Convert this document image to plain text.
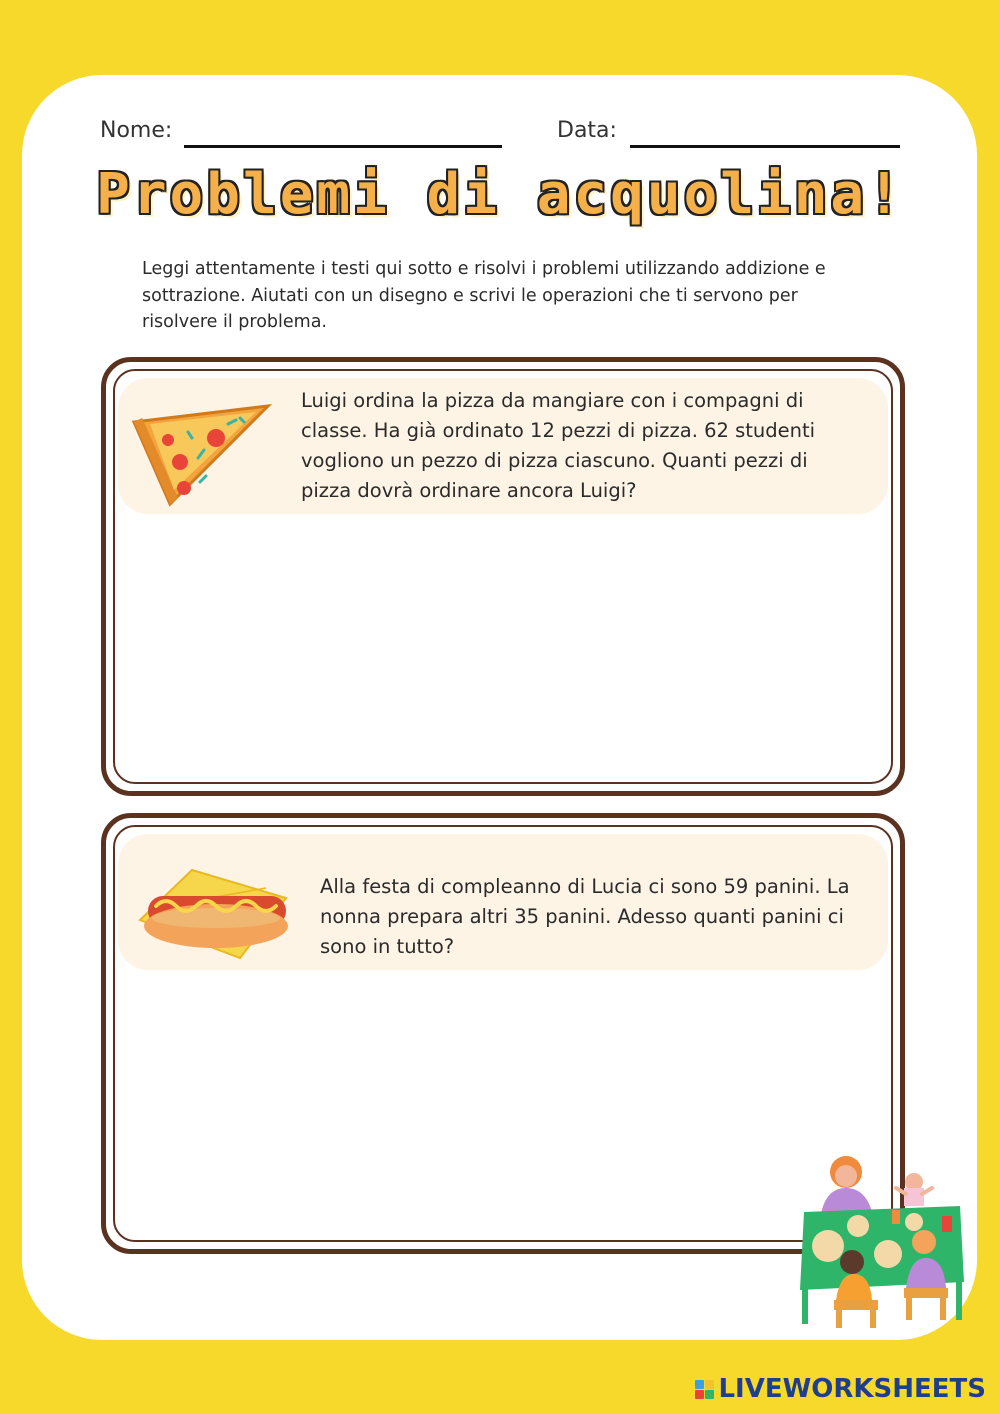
Nome:	Data:
Problemi di acquolina!
Leggi attentamente i testi qui sotto e risolvi i problemi utilizzando addizione e sottrazione. Aiutati con un disegno e scrivi le operazioni che ti servono per risolvere il problema.
Luigi ordina la pizza da mangiare con i compagni di classe. Ha già ordinato 12 pezzi di pizza. 62 studenti vogliono un pezzo di pizza ciascuno. Quanti pezzi di pizza dovrà ordinare ancora Luigi?
Alla festa di compleanno di Lucia ci sono 59 panini. La nonna prepara altri 35 panini. Adesso quanti panini ci sono in tutto?
LIVEWORKSHEETS
